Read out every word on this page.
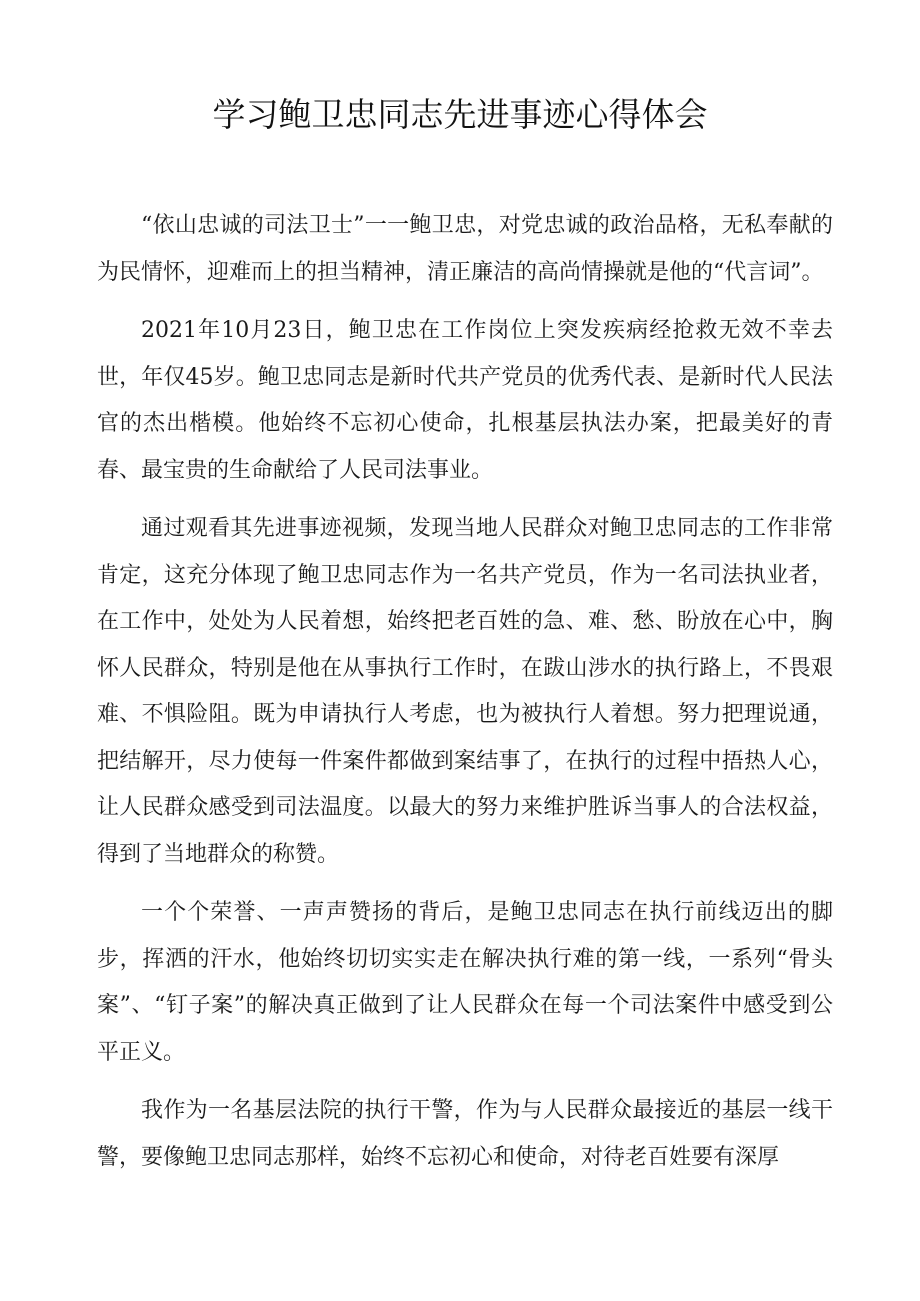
学习鲍卫忠同志先进事迹心得体会

“依山忠诚的司法卫士”一一鲍卫忠，对党忠诚的政治品格，无私奉献的为民情怀，迎难而上的担当精神，清正廉洁的高尚情操就是他的“代言词”。

2021年10月23日，鲍卫忠在工作岗位上突发疾病经抢救无效不幸去世，年仅45岁。鲍卫忠同志是新时代共产党员的优秀代表、是新时代人民法官的杰出楷模。他始终不忘初心使命，扎根基层执法办案，把最美好的青春、最宝贵的生命献给了人民司法事业。

通过观看其先进事迹视频，发现当地人民群众对鲍卫忠同志的工作非常肯定，这充分体现了鲍卫忠同志作为一名共产党员，作为一名司法执业者，在工作中，处处为人民着想，始终把老百姓的急、难、愁、盼放在心中，胸怀人民群众，特别是他在从事执行工作时，在跋山涉水的执行路上，不畏艰难、不惧险阻。既为申请执行人考虑，也为被执行人着想。努力把理说通，把结解开，尽力使每一件案件都做到案结事了，在执行的过程中捂热人心，让人民群众感受到司法温度。以最大的努力来维护胜诉当事人的合法权益，得到了当地群众的称赞。

一个个荣誉、一声声赞扬的背后，是鲍卫忠同志在执行前线迈出的脚步，挥洒的汗水，他始终切切实实走在解决执行难的第一线，一系列“骨头案”、“钉子案”的解决真正做到了让人民群众在每一个司法案件中感受到公平正义。

我作为一名基层法院的执行干警，作为与人民群众最接近的基层一线干警，要像鲍卫忠同志那样，始终不忘初心和使命，对待老百姓要有深厚
